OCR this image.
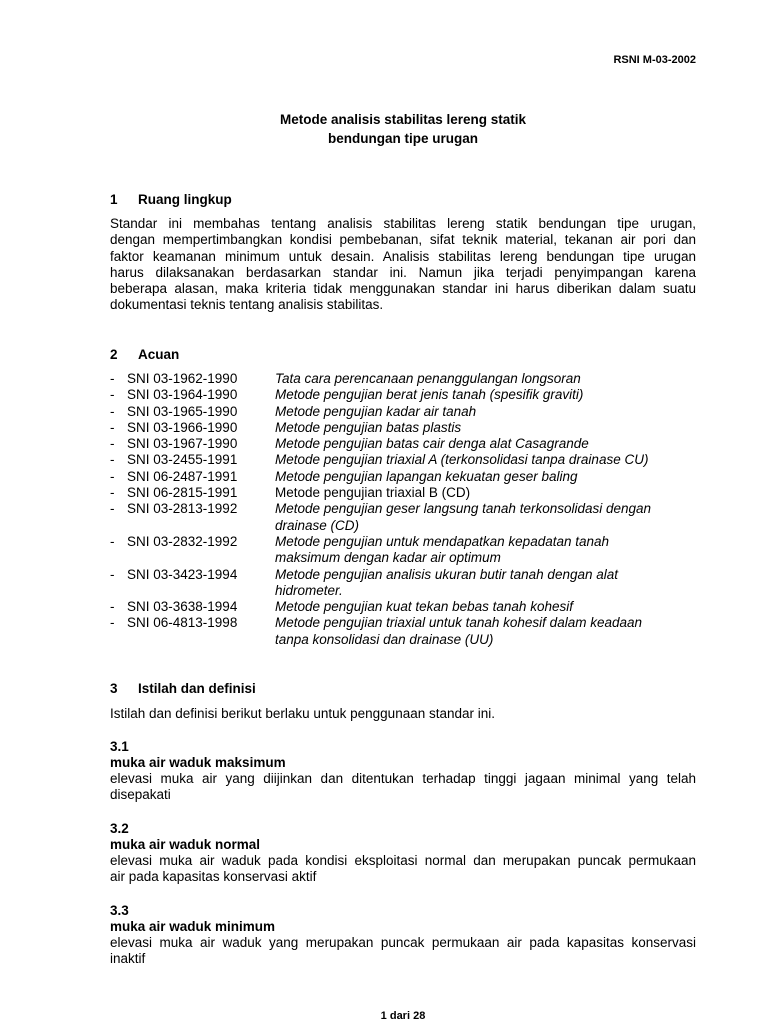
RSNI M-03-2002
Metode analisis stabilitas lereng statik
bendungan tipe urugan
1 Ruang lingkup
Standar ini membahas tentang analisis stabilitas lereng statik bendungan tipe urugan,
dengan mempertimbangkan kondisi pembebanan, sifat teknik material, tekanan air pori dan
faktor keamanan minimum untuk desain. Analisis stabilitas lereng bendungan tipe urugan
harus dilaksanakan berdasarkan standar ini. Namun jika terjadi penyimpangan karena
beberapa alasan, maka kriteria tidak menggunakan standar ini harus diberikan dalam suatu
dokumentasi teknis tentang analisis stabilitas.
2 Acuan
- SNI 03-1962-1990	Tata cara perencanaan penanggulangan longsoran
- SNI 03-1964-1990	Metode pengujian berat jenis tanah (spesifik graviti)
- SNI 03-1965-1990	Metode pengujian kadar air tanah
- SNI 03-1966-1990	Metode pengujian batas plastis
- SNI 03-1967-1990	Metode pengujian batas cair denga alat Casagrande
- SNI 03-2455-1991	Metode pengujian triaxial A (terkonsolidasi tanpa drainase CU)
- SNI 06-2487-1991	Metode pengujian lapangan kekuatan geser baling
- SNI 06-2815-1991	Metode pengujian triaxial B (CD)
- SNI 03-2813-1992	Metode pengujian geser langsung tanah terkonsolidasi dengan
drainase (CD)
- SNI 03-2832-1992	Metode pengujian untuk mendapatkan kepadatan tanah
maksimum dengan kadar air optimum
- SNI 03-3423-1994	Metode pengujian analisis ukuran butir tanah dengan alat
hidrometer.
- SNI 03-3638-1994	Metode pengujian kuat tekan bebas tanah kohesif
- SNI 06-4813-1998	Metode pengujian triaxial untuk tanah kohesif dalam keadaan
tanpa konsolidasi dan drainase (UU)
3 Istilah dan definisi
Istilah dan definisi berikut berlaku untuk penggunaan standar ini.
3.1
muka air waduk maksimum
elevasi muka air yang diijinkan dan ditentukan terhadap tinggi jagaan minimal yang telah
disepakati
3.2
muka air waduk normal
elevasi muka air waduk pada kondisi eksploitasi normal dan merupakan puncak permukaan
air pada kapasitas konservasi aktif
3.3
muka air waduk minimum
elevasi muka air waduk yang merupakan puncak permukaan air pada kapasitas konservasi
inaktif
1 dari 28
